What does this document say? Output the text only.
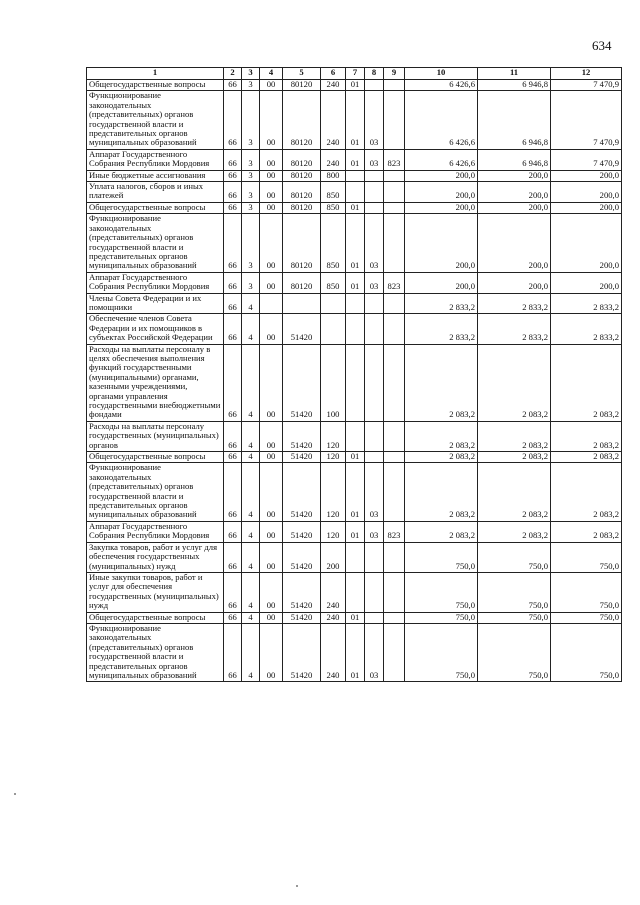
634
1	2	3	4	5	6	7	8	9	10	11	12
Общегосударственные вопросы	66	3	00	80120	240	01			6 426,6	6 946,8	7 470,9
Функционирование законодательных (представительных) органов государственной власти и представительных органов муниципальных образований	66	3	00	80120	240	01	03		6 426,6	6 946,8	7 470,9
Аппарат Государственного Собрания Республики Мордовия	66	3	00	80120	240	01	03	823	6 426,6	6 946,8	7 470,9
Иные бюджетные ассигнования	66	3	00	80120	800				200,0	200,0	200,0
Уплата налогов, сборов и иных платежей	66	3	00	80120	850				200,0	200,0	200,0
Общегосударственные вопросы	66	3	00	80120	850	01			200,0	200,0	200,0
Функционирование законодательных (представительных) органов государственной власти и представительных органов муниципальных образований	66	3	00	80120	850	01	03		200,0	200,0	200,0
Аппарат Государственного Собрания Республики Мордовия	66	3	00	80120	850	01	03	823	200,0	200,0	200,0
Члены Совета Федерации и их помощники	66	4							2 833,2	2 833,2	2 833,2
Обеспечение членов Совета Федерации и их помощников в субъектах Российской Федерации	66	4	00	51420					2 833,2	2 833,2	2 833,2
Расходы на выплаты персоналу в целях обеспечения выполнения функций государственными (муниципальными) органами, казенными учреждениями, органами управления государственными внебюджетными фондами	66	4	00	51420	100				2 083,2	2 083,2	2 083,2
Расходы на выплаты персоналу государственных (муниципальных) органов	66	4	00	51420	120				2 083,2	2 083,2	2 083,2
Общегосударственные вопросы	66	4	00	51420	120	01			2 083,2	2 083,2	2 083,2
Функционирование законодательных (представительных) органов государственной власти и представительных органов муниципальных образований	66	4	00	51420	120	01	03		2 083,2	2 083,2	2 083,2
Аппарат Государственного Собрания Республики Мордовия	66	4	00	51420	120	01	03	823	2 083,2	2 083,2	2 083,2
Закупка товаров, работ и услуг для обеспечения государственных (муниципальных) нужд	66	4	00	51420	200				750,0	750,0	750,0
Иные закупки товаров, работ и услуг для обеспечения государственных (муниципальных) нужд	66	4	00	51420	240				750,0	750,0	750,0
Общегосударственные вопросы	66	4	00	51420	240	01			750,0	750,0	750,0
Функционирование законодательных (представительных) органов государственной власти и представительных органов муниципальных образований	66	4	00	51420	240	01	03		750,0	750,0	750,0
